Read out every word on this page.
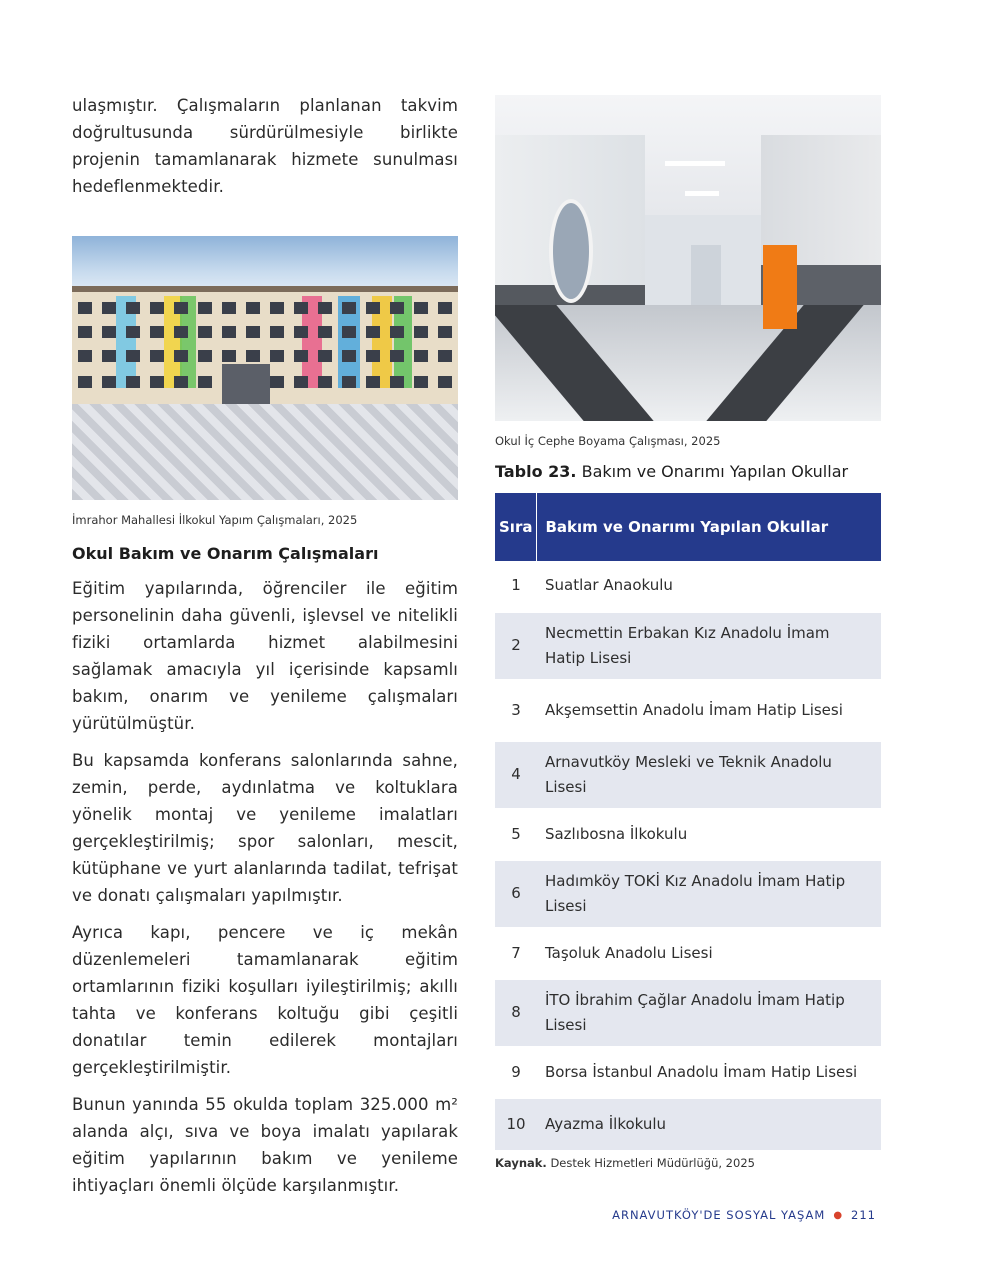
ulaşmıştır. Çalışmaların planlanan takvim doğrultusunda sürdürülmesiyle birlikte projenin tamamlanarak hizmete sunulması hedeflenmektedir.

İmrahor Mahallesi İlkokul Yapım Çalışmaları, 2025
Okul Bakım ve Onarım Çalışmaları

Eğitim yapılarında, öğrenciler ile eğitim personelinin daha güvenli, işlevsel ve nitelikli fiziki ortamlarda hizmet alabilmesini sağlamak amacıyla yıl içerisinde kapsamlı bakım, onarım ve yenileme çalışmaları yürütülmüştür.

Bu kapsamda konferans salonlarında sahne, zemin, perde, aydınlatma ve koltuklara yönelik montaj ve yenileme imalatları gerçekleştirilmiş; spor salonları, mescit, kütüphane ve yurt alanlarında tadilat, tefrişat ve donatı çalışmaları yapılmıştır.

Ayrıca kapı, pencere ve iç mekân düzenlemeleri tamamlanarak eğitim ortamlarının fiziki koşulları iyileştirilmiş; akıllı tahta ve konferans koltuğu gibi çeşitli donatılar temin edilerek montajları gerçekleştirilmiştir.

Bunun yanında 55 okulda toplam 325.000 m² alanda alçı, sıva ve boya imalatı yapılarak eğitim yapılarının bakım ve yenileme ihtiyaçları önemli ölçüde karşılanmıştır.

Okul İç Cephe Boyama Çalışması, 2025
Tablo 23. Bakım ve Onarımı Yapılan Okullar
Sıra	Bakım ve Onarımı Yapılan Okullar
1	Suatlar Anaokulu
2	Necmettin Erbakan Kız Anadolu İmam Hatip Lisesi
3	Akşemsettin Anadolu İmam Hatip Lisesi
4	Arnavutköy Mesleki ve Teknik Anadolu Lisesi
5	Sazlıbosna İlkokulu
6	Hadımköy TOKİ Kız Anadolu İmam Hatip Lisesi
7	Taşoluk Anadolu Lisesi
8	İTO İbrahim Çağlar Anadolu İmam Hatip Lisesi
9	Borsa İstanbul Anadolu İmam Hatip Lisesi
10	Ayazma İlkokulu
Kaynak. Destek Hizmetleri Müdürlüğü, 2025
ARNAVUTKÖY'DE SOSYAL YAŞAM ● 211
